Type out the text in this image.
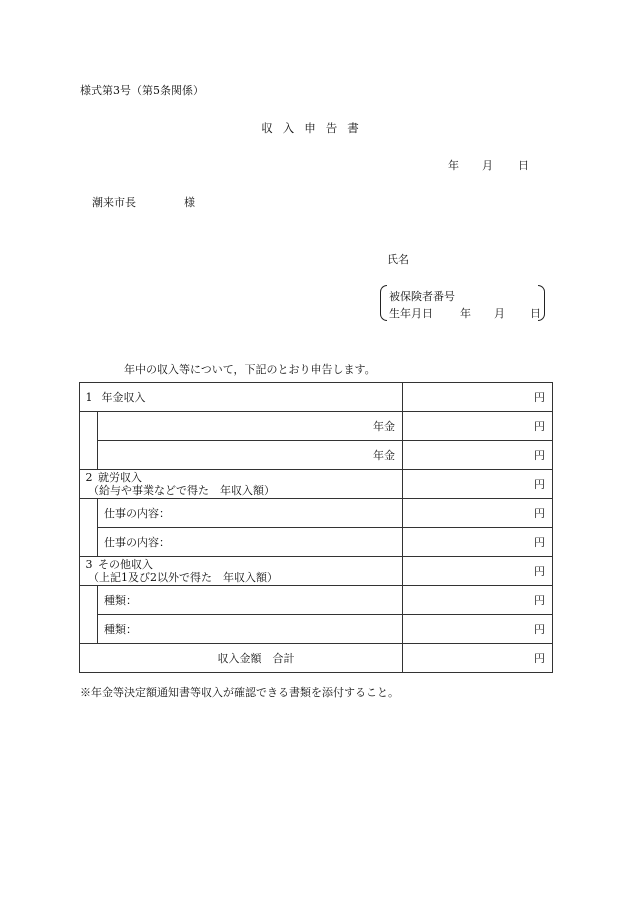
様式第3号（第5条関係）
収入申告書
年 月 日
潮来市長	様
氏名
被保険者番号
生年月日 年 月 日
年中の収入等について，下記のとおり申告します。
1 年金収入		円
	年金	円
	年金	円
2 就労収入
（給与や事業などで得た　年収入額）		円
	仕事の内容：	円
	仕事の内容：	円
3 その他収入
（上記1及び2以外で得た　年収入額）		円
	種類：	円
	種類：	円
収入金額　合計		円
※年金等決定額通知書等収入が確認できる書類を添付すること。
